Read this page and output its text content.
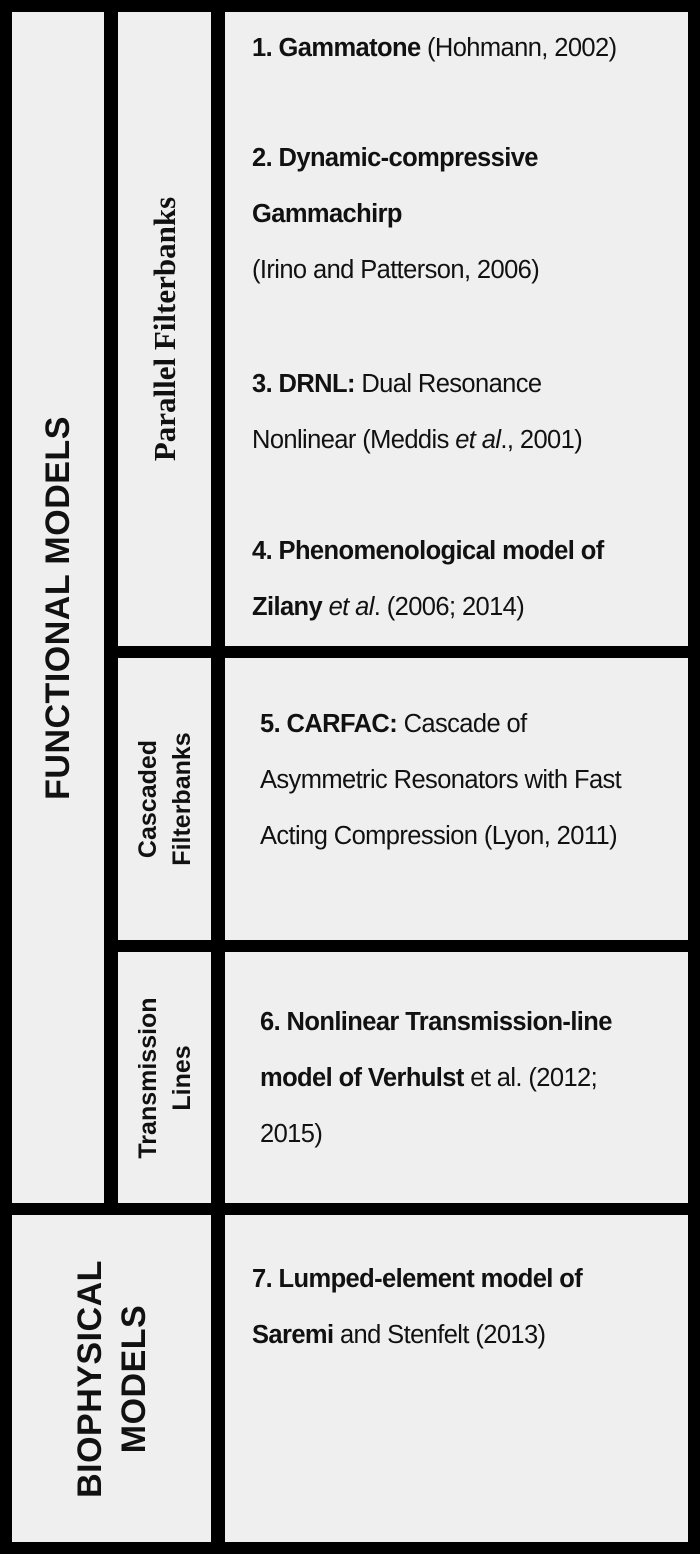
FUNCTIONAL MODELS
BIOPHYSICAL MODELS
Parallel Filterbanks
Cascaded Filterbanks
Transmission Lines
1. Gammatone (Hohmann, 2002)
2. Dynamic-compressive
Gammachirp
(Irino and Patterson, 2006)
3. DRNL: Dual Resonance
Nonlinear (Meddis et al., 2001)
4. Phenomenological model of
Zilany et al. (2006; 2014)
5. CARFAC: Cascade of
Asymmetric Resonators with Fast
Acting Compression (Lyon, 2011)
6. Nonlinear Transmission-line
model of Verhulst et al. (2012;
2015)
7. Lumped-element model of
Saremi and Stenfelt (2013)
